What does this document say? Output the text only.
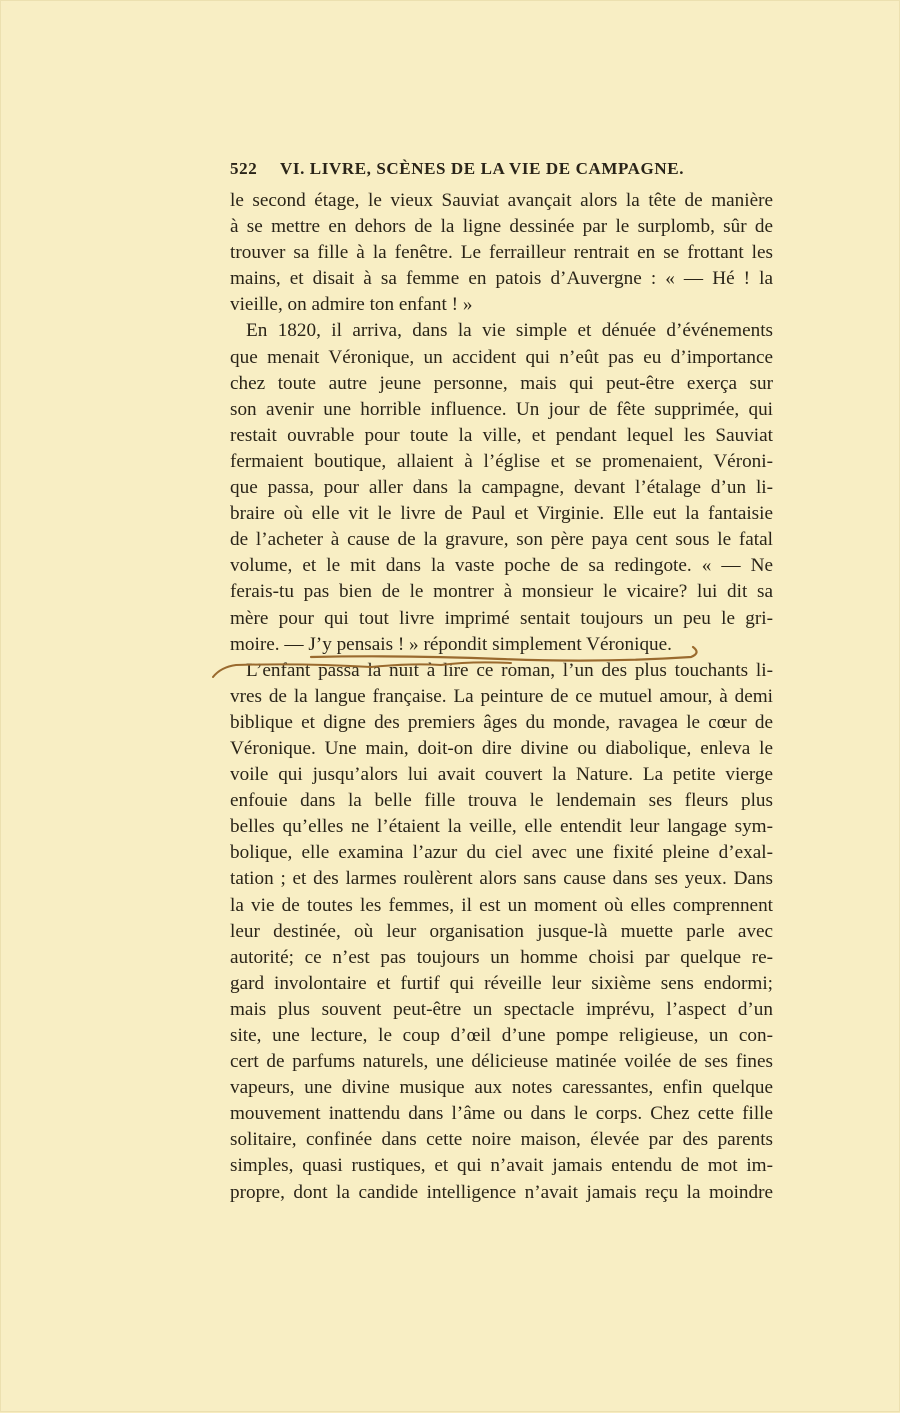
522 VI. LIVRE, SCÈNES DE LA VIE DE CAMPAGNE.
le second étage, le vieux Sauviat avançait alors la tête de manière
à se mettre en dehors de la ligne dessinée par le surplomb, sûr de
trouver sa fille à la fenêtre. Le ferrailleur rentrait en se frottant les
mains, et disait à sa femme en patois d’Auvergne : « — Hé ! la
vieille, on admire ton enfant ! »
En 1820, il arriva, dans la vie simple et dénuée d’événements
que menait Véronique, un accident qui n’eût pas eu d’importance
chez toute autre jeune personne, mais qui peut-être exerça sur
son avenir une horrible influence. Un jour de fête supprimée, qui
restait ouvrable pour toute la ville, et pendant lequel les Sauviat
fermaient boutique, allaient à l’église et se promenaient, Véroni-
que passa, pour aller dans la campagne, devant l’étalage d’un li-
braire où elle vit le livre de Paul et Virginie. Elle eut la fantaisie
de l’acheter à cause de la gravure, son père paya cent sous le fatal
volume, et le mit dans la vaste poche de sa redingote. « — Ne
ferais-tu pas bien de le montrer à monsieur le vicaire? lui dit sa
mère pour qui tout livre imprimé sentait toujours un peu le gri-
moire. — J’y pensais ! » répondit simplement Véronique.
L’enfant passa la nuit à lire ce roman, l’un des plus touchants li-
vres de la langue française. La peinture de ce mutuel amour, à demi
biblique et digne des premiers âges du monde, ravagea le cœur de
Véronique. Une main, doit-on dire divine ou diabolique, enleva le
voile qui jusqu’alors lui avait couvert la Nature. La petite vierge
enfouie dans la belle fille trouva le lendemain ses fleurs plus
belles qu’elles ne l’étaient la veille, elle entendit leur langage sym-
bolique, elle examina l’azur du ciel avec une fixité pleine d’exal-
tation ; et des larmes roulèrent alors sans cause dans ses yeux. Dans
la vie de toutes les femmes, il est un moment où elles comprennent
leur destinée, où leur organisation jusque-là muette parle avec
autorité; ce n’est pas toujours un homme choisi par quelque re-
gard involontaire et furtif qui réveille leur sixième sens endormi;
mais plus souvent peut-être un spectacle imprévu, l’aspect d’un
site, une lecture, le coup d’œil d’une pompe religieuse, un con-
cert de parfums naturels, une délicieuse matinée voilée de ses fines
vapeurs, une divine musique aux notes caressantes, enfin quelque
mouvement inattendu dans l’âme ou dans le corps. Chez cette fille
solitaire, confinée dans cette noire maison, élevée par des parents
simples, quasi rustiques, et qui n’avait jamais entendu de mot im-
propre, dont la candide intelligence n’avait jamais reçu la moindre
